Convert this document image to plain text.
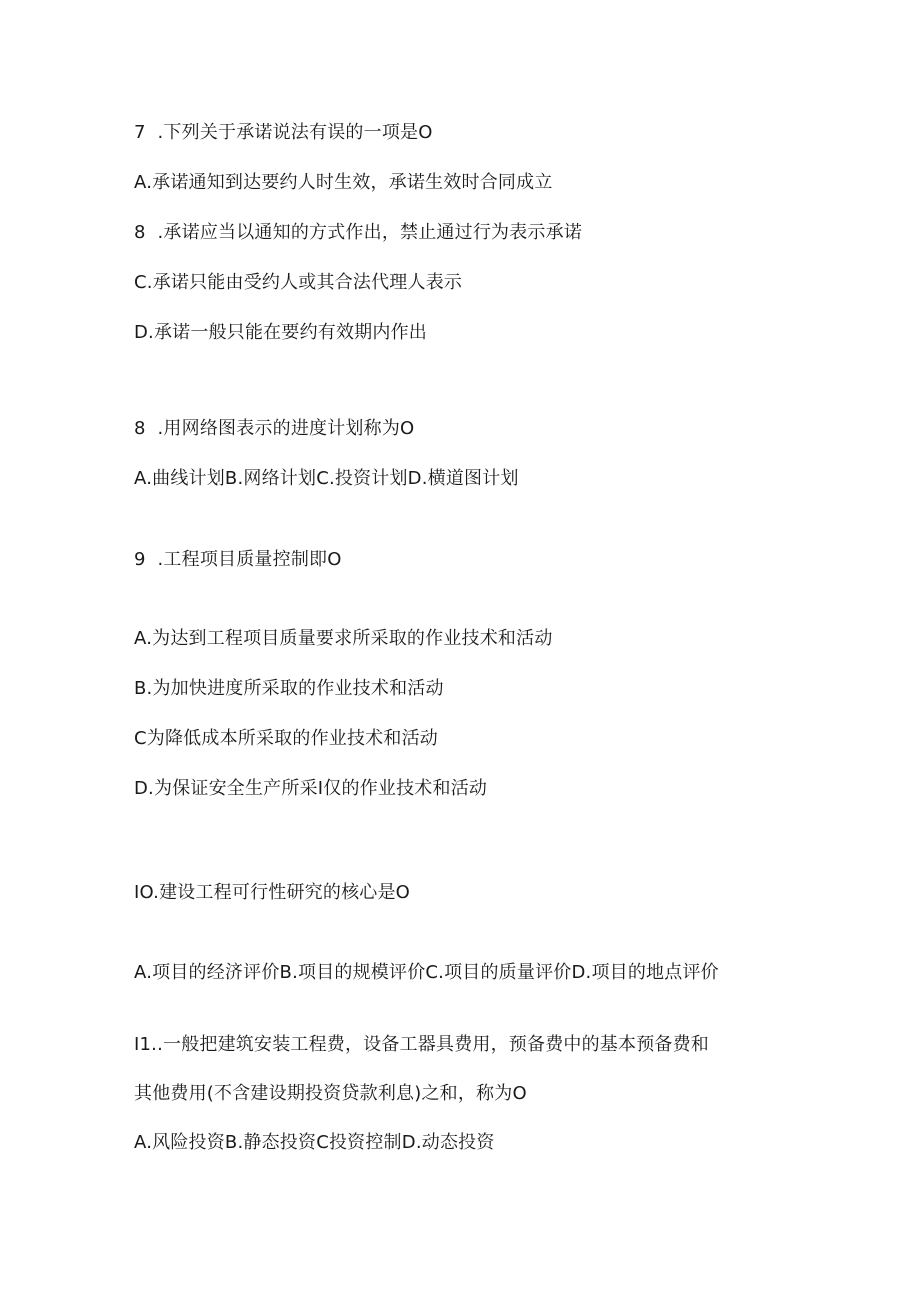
7  .下列关于承诺说法有误的一项是O
A.承诺通知到达要约人时生效，承诺生效时合同成立
8  .承诺应当以通知的方式作出，禁止通过行为表示承诺
C.承诺只能由受约人或其合法代理人表示
D.承诺一般只能在要约有效期内作出
8  .用网络图表示的进度计划称为O
A.曲线计划B.网络计划C.投资计划D.横道图计划
9  .工程项目质量控制即O
A.为达到工程项目质量要求所采取的作业技术和活动
B.为加快进度所采取的作业技术和活动
C为降低成本所采取的作业技术和活动
D.为保证安全生产所采I仅的作业技术和活动
IO.建设工程可行性研究的核心是O
A.项目的经济评价B.项目的规模评价C.项目的质量评价D.项目的地点评价
I1..一般把建筑安装工程费，设备工器具费用，预备费中的基本预备费和
其他费用(不含建设期投资贷款利息)之和，称为O
A.风险投资B.静态投资C投资控制D.动态投资
